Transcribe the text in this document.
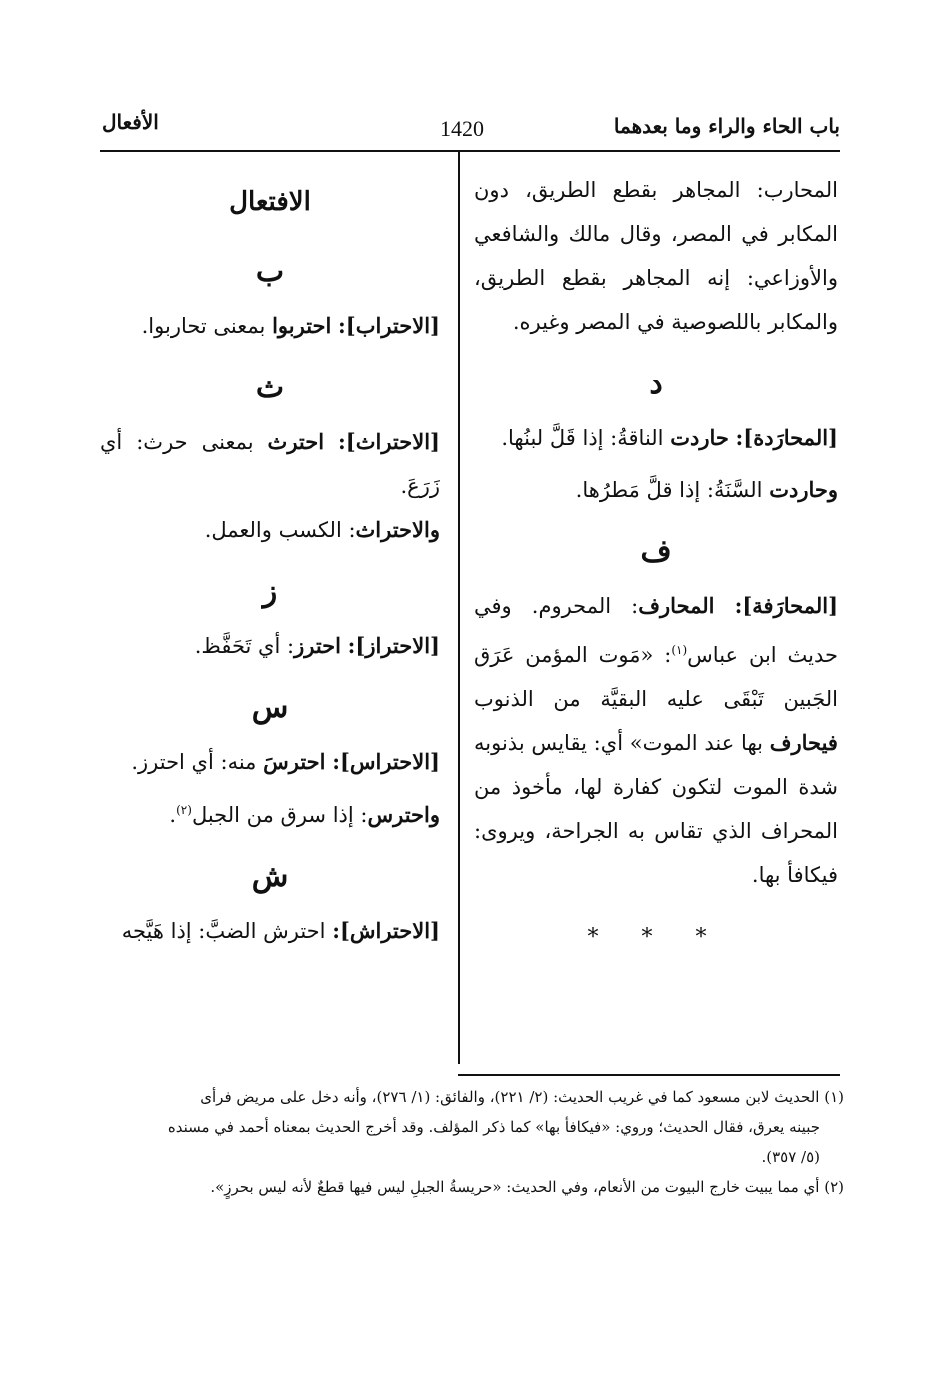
باب الحاء والراء وما بعدهما
1420
الأفعال

المحارب: المجاهر بقطع الطريق، دون المكابر في المصر، وقال مالك والشافعي والأوزاعي: إنه المجاهر بقطع الطريق، والمكابر باللصوصية في المصر وغيره.

د

[المحارَدة]: حاردت الناقةُ: إذا قَلَّ لبنُها.

وحاردت السَّنَةُ: إذا قلَّ مَطرُها.

ف

[المحارَفة]: المحارف: المحروم. وفي حديث ابن عباس$^{(١)}$: «مَوت المؤمن عَرَق الجَبين تَبْقَى عليه البقيَّة من الذنوب فيحارف بها عند الموت» أي: يقايس بذنوبه شدة الموت لتكون كفارة لها، مأخوذ من المحراف الذي تقاس به الجراحة، ويروى: فيكافأ بها.

* * *
الافتعال
ب

[الاحتراب]: احتربوا بمعنى تحاربوا.

ث

[الاحتراث]: احترث بمعنى حرث: أي زَرَعَ.

والاحتراث: الكسب والعمل.

ز

[الاحتراز]: احترز: أي تَحَفَّظ.

س

[الاحتراس]: احترسَ منه: أي احترز.

واحترس: إذا سرق من الجبل$^{(٢)}$.

ش

[الاحتراش]: احترش الضبَّ: إذا هَيَّجه

(١) الحديث لابن مسعود كما في غريب الحديث: (٢/ ٢٢١)، والفائق: (١/ ٢٧٦)، وأنه دخل على مريض فرأى

جبينه يعرق، فقال الحديث؛ وروي: «فيكافأ بها» كما ذكر المؤلف. وقد أخرج الحديث بمعناه أحمد في مسنده

(٥/ ٣٥٧).

(٢) أي مما يبيت خارج البيوت من الأنعام، وفي الحديث: «حريسةُ الجبلِ ليس فيها قطعٌ لأنه ليس بحرزٍ».
